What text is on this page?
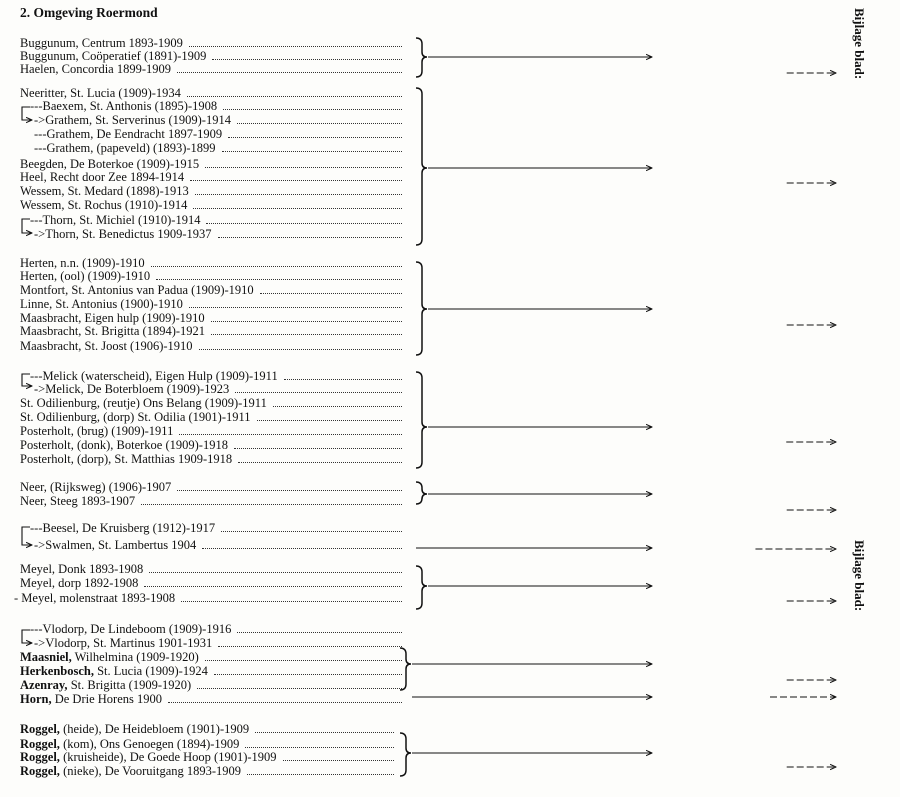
2. Omgeving Roermond	Bijlage blad:
Bijlage blad:
Buggunum, Centrum 1893-1909
Buggunum, Coöperatief (1891)-1909
Haelen, Concordia 1899-1909
Neeritter, St. Lucia (1909)-1934
---Baexem, St. Anthonis (1895)-1908
->Grathem, St. Serverinus (1909)-1914
---Grathem, De Eendracht 1897-1909
---Grathem, (papeveld) (1893)-1899
Beegden, De Boterkoe (1909)-1915
Heel, Recht door Zee 1894-1914
Wessem, St. Medard (1898)-1913
Wessem, St. Rochus (1910)-1914
---Thorn, St. Michiel (1910)-1914
->Thorn, St. Benedictus 1909-1937
Herten, n.n. (1909)-1910
Herten, (ool) (1909)-1910
Montfort, St. Antonius van Padua (1909)-1910
Linne, St. Antonius (1900)-1910
Maasbracht, Eigen hulp (1909)-1910
Maasbracht, St. Brigitta (1894)-1921
Maasbracht, St. Joost (1906)-1910
---Melick (waterscheid), Eigen Hulp (1909)-1911
->Melick, De Boterbloem (1909)-1923
St. Odilienburg, (reutje) Ons Belang (1909)-1911
St. Odilienburg, (dorp) St. Odilia (1901)-1911
Posterholt, (brug) (1909)-1911
Posterholt, (donk), Boterkoe (1909)-1918
Posterholt, (dorp), St. Matthias 1909-1918
Neer, (Rijksweg) (1906)-1907
Neer, Steeg 1893-1907
---Beesel, De Kruisberg (1912)-1917
->Swalmen, St. Lambertus 1904
Meyel, Donk 1893-1908
Meyel, dorp 1892-1908
- Meyel, molenstraat 1893-1908
---Vlodorp, De Lindeboom (1909)-1916
->Vlodorp, St. Martinus 1901-1931
Maasniel, Wilhelmina (1909-1920)
Herkenbosch, St. Lucia (1909)-1924
Azenray, St. Brigitta (1909-1920)
Horn, De Drie Horens 1900
Roggel, (heide), De Heidebloem (1901)-1909
Roggel, (kom), Ons Genoegen (1894)-1909
Roggel, (kruisheide), De Goede Hoop (1901)-1909
Roggel, (nieke), De Vooruitgang 1893-1909
